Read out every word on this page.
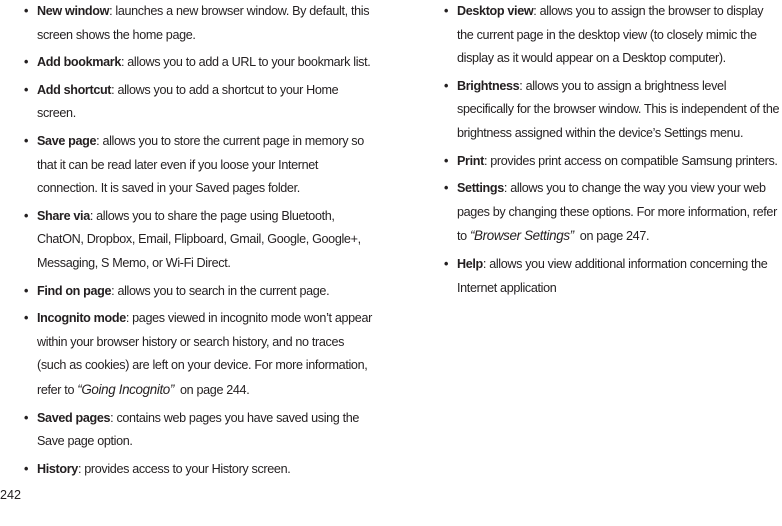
• New window: launches a new browser window. By default, this screen shows the home page.
• Add bookmark: allows you to add a URL to your bookmark list.
• Add shortcut: allows you to add a shortcut to your Home screen.
• Save page: allows you to store the current page in memory so that it can be read later even if you loose your Internet connection. It is saved in your Saved pages folder.
• Share via: allows you to share the page using Bluetooth, ChatON, Dropbox, Email, Flipboard, Gmail, Google, Google+, Messaging, S Memo, or Wi-Fi Direct.
• Find on page: allows you to search in the current page.
• Incognito mode: pages viewed in incognito mode won’t appear within your browser history or search history, and no traces (such as cookies) are left on your device. For more information, refer to “Going Incognito” on page 244.
• Saved pages: contains web pages you have saved using the Save page option.
• History: provides access to your History screen.
• Desktop view: allows you to assign the browser to display the current page in the desktop view (to closely mimic the display as it would appear on a Desktop computer).
• Brightness: allows you to assign a brightness level specifically for the browser window. This is independent of the brightness assigned within the device’s Settings menu.
• Print: provides print access on compatible Samsung printers.
• Settings: allows you to change the way you view your web pages by changing these options. For more information, refer to “Browser Settings” on page 247.
• Help: allows you view additional information concerning the Internet application
242
